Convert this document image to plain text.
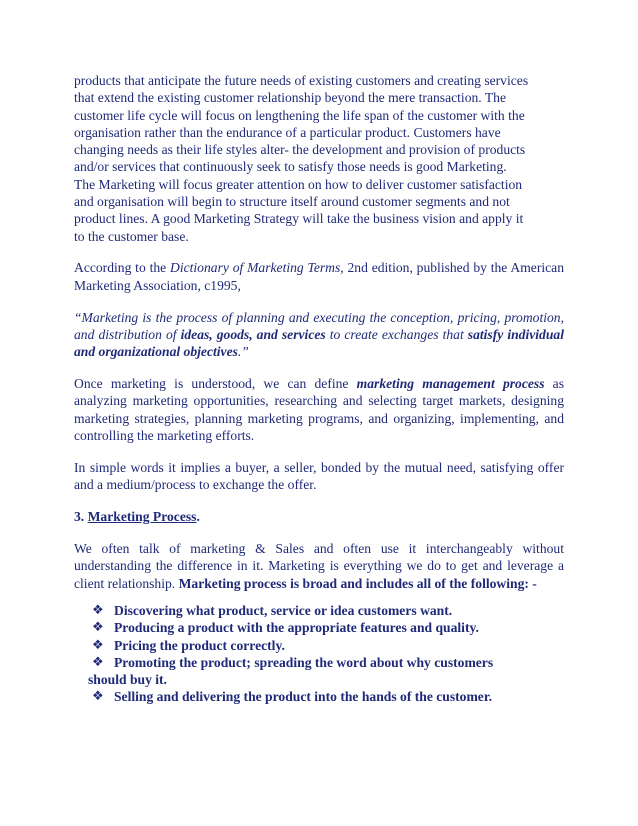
products that anticipate the future needs of existing customers and creating services
that extend the existing customer relationship beyond the mere transaction. The
customer life cycle will focus on lengthening the life span of the customer with the
organisation rather than the endurance of a particular product. Customers have
changing needs as their life styles alter- the development and provision of products
and/or services that continuously seek to satisfy those needs is good Marketing.
The Marketing will focus greater attention on how to deliver customer satisfaction
and organisation will begin to structure itself around customer segments and not
product lines. A good Marketing Strategy will take the business vision and apply it
to the customer base.

According to the Dictionary of Marketing Terms, 2nd edition, published by the American Marketing Association, c1995,

“Marketing is the process of planning and executing the conception, pricing, promotion, and distribution of ideas, goods, and services to create exchanges that satisfy individual and organizational objectives.”

Once marketing is understood, we can define marketing management process as analyzing marketing opportunities, researching and selecting target markets, designing marketing strategies, planning marketing programs, and organizing, implementing, and controlling the marketing efforts.

In simple words it implies a buyer, a seller, bonded by the mutual need, satisfying offer and a medium/process to exchange the offer.

3. Marketing Process.

We often talk of marketing & Sales and often use it interchangeably without understanding the difference in it. Marketing is everything we do to get and leverage a client relationship. Marketing process is broad and includes all of the following: -

❖ Discovering what product, service or idea customers want.
❖ Producing a product with the appropriate features and quality.
❖ Pricing the product correctly.
❖ Promoting the product; spreading the word about why customers
should buy it.
❖ Selling and delivering the product into the hands of the customer.
